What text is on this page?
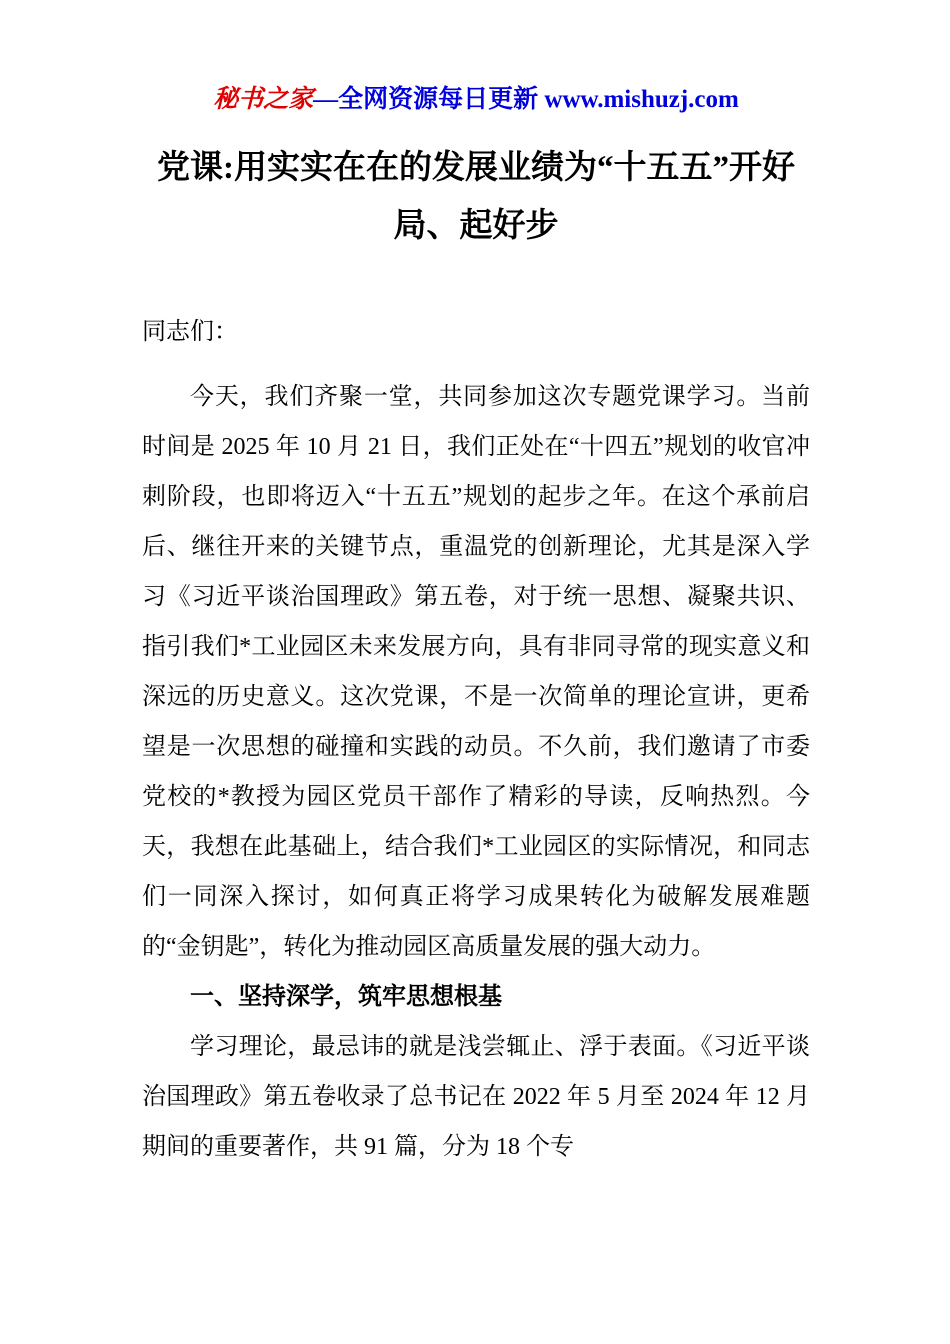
秘书之家—全网资源每日更新 www.mishuzj.com
党课:用实实在在的发展业绩为“十五五”开好局、起好步

同志们：

今天，我们齐聚一堂，共同参加这次专题党课学习。当前时间是 2025 年 10 月 21 日，我们正处在“十四五”规划的收官冲刺阶段，也即将迈入“十五五”规划的起步之年。在这个承前启后、继往开来的关键节点，重温党的创新理论，尤其是深入学习《习近平谈治国理政》第五卷，对于统一思想、凝聚共识、指引我们*工业园区未来发展方向，具有非同寻常的现实意义和深远的历史意义。这次党课，不是一次简单的理论宣讲，更希望是一次思想的碰撞和实践的动员。不久前，我们邀请了市委党校的*教授为园区党员干部作了精彩的导读，反响热烈。今天，我想在此基础上，结合我们*工业园区的实际情况，和同志们一同深入探讨，如何真正将学习成果转化为破解发展难题的“金钥匙”，转化为推动园区高质量发展的强大动力。

一、坚持深学，筑牢思想根基

学习理论，最忌讳的就是浅尝辄止、浮于表面。《习近平谈治国理政》第五卷收录了总书记在 2022 年 5 月至 2024 年 12 月期间的重要著作，共 91 篇，分为 18 个专
